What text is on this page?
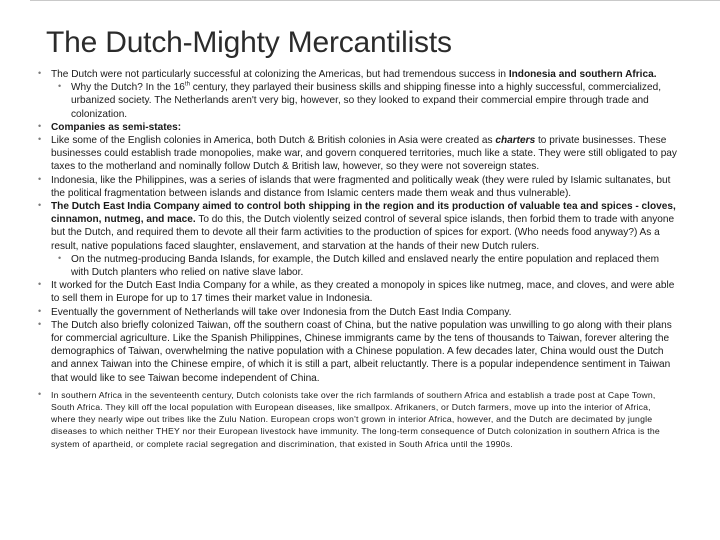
The Dutch-Mighty Mercantilists

• The Dutch were not particularly successful at colonizing the Americas, but had tremendous success in Indonesia and southern Africa.

• Why the Dutch? In the 16th century, they parlayed their business skills and shipping finesse into a highly successful, commercialized, urbanized society. The Netherlands aren't very big, however, so they looked to expand their commercial empire through trade and colonization.

• Companies as semi-states:

• Like some of the English colonies in America, both Dutch & British colonies in Asia were created as charters to private businesses. These businesses could establish trade monopolies, make war, and govern conquered territories, much like a state. They were still obligated to pay taxes to the motherland and nominally follow Dutch & British law, however, so they were not sovereign states.

• Indonesia, like the Philippines, was a series of islands that were fragmented and politically weak (they were ruled by Islamic sultanates, but the political fragmentation between islands and distance from Islamic centers made them weak and thus vulnerable).

• The Dutch East India Company aimed to control both shipping in the region and its production of valuable tea and spices - cloves, cinnamon, nutmeg, and mace. To do this, the Dutch violently seized control of several spice islands, then forbid them to trade with anyone but the Dutch, and required them to devote all their farm activities to the production of spices for export. (Who needs food anyway?) As a result, native populations faced slaughter, enslavement, and starvation at the hands of their new Dutch rulers.

• On the nutmeg-producing Banda Islands, for example, the Dutch killed and enslaved nearly the entire population and replaced them with Dutch planters who relied on native slave labor.

• It worked for the Dutch East India Company for a while, as they created a monopoly in spices like nutmeg, mace, and cloves, and were able to sell them in Europe for up to 17 times their market value in Indonesia.

• Eventually the government of Netherlands will take over Indonesia from the Dutch East India Company.

• The Dutch also briefly colonized Taiwan, off the southern coast of China, but the native population was unwilling to go along with their plans for commercial agriculture. Like the Spanish Philippines, Chinese immigrants came by the tens of thousands to Taiwan, forever altering the demographics of Taiwan, overwhelming the native population with a Chinese population. A few decades later, China would oust the Dutch and annex Taiwan into the Chinese empire, of which it is still a part, albeit reluctantly. There is a popular independence sentiment in Taiwan that would like to see Taiwan become independent of China.

• In southern Africa in the seventeenth century, Dutch colonists take over the rich farmlands of southern Africa and establish a trade post at Cape Town, South Africa. They kill off the local population with European diseases, like smallpox. Afrikaners, or Dutch farmers, move up into the interior of Africa, where they nearly wipe out tribes like the Zulu Nation. European crops won't grown in interior Africa, however, and the Dutch are decimated by jungle diseases to which neither THEY nor their European livestock have immunity. The long-term consequence of Dutch colonization in southern Africa is the system of apartheid, or complete racial segregation and discrimination, that existed in South Africa until the 1990s.
